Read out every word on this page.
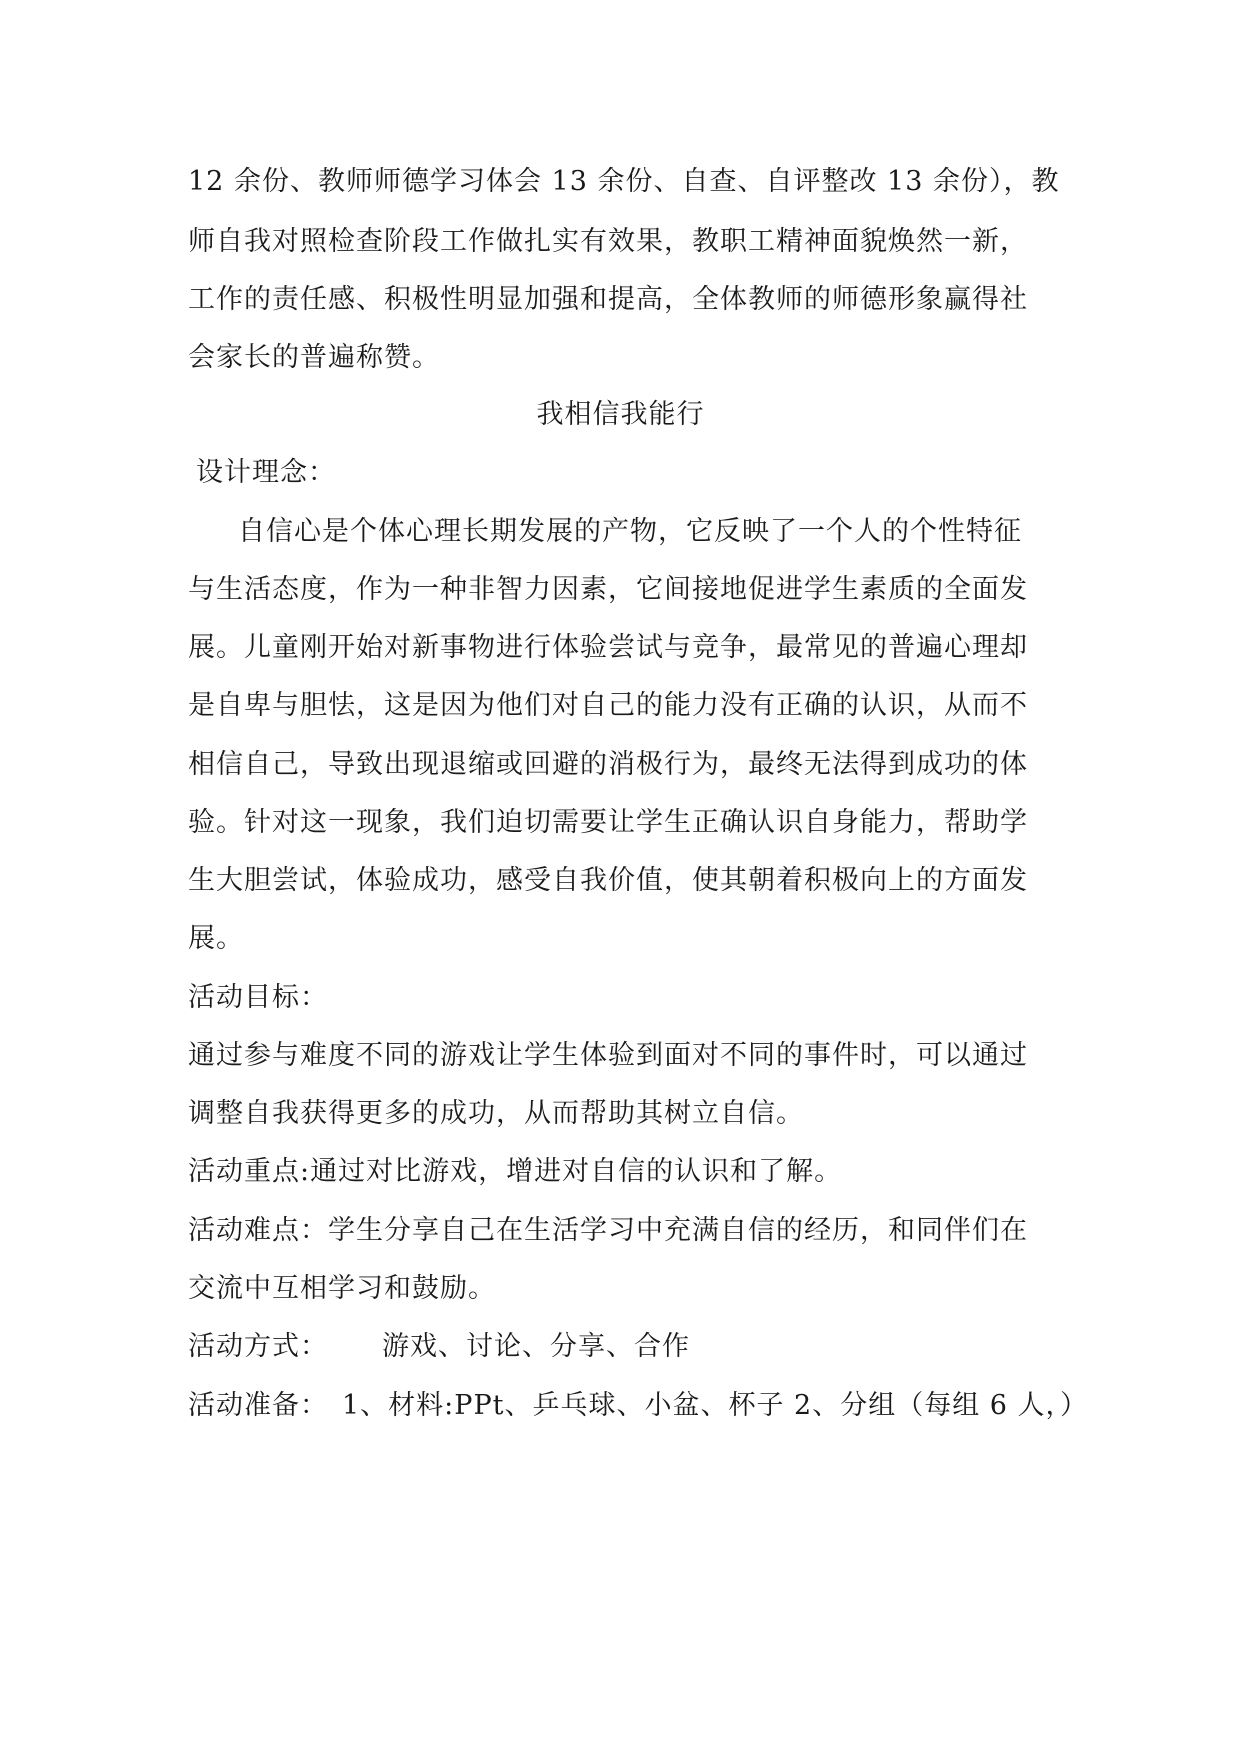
12 余份、教师师德学习体会 13 余份、自查、自评整改 13 余份），教
师自我对照检查阶段工作做扎实有效果，教职工精神面貌焕然一新，
工作的责任感、积极性明显加强和提高，全体教师的师德形象赢得社
会家长的普遍称赞。
我相信我能行
设计理念：
自信心是个体心理长期发展的产物，它反映了一个人的个性特征
与生活态度，作为一种非智力因素，它间接地促进学生素质的全面发
展。儿童刚开始对新事物进行体验尝试与竞争，最常见的普遍心理却
是自卑与胆怯，这是因为他们对自己的能力没有正确的认识，从而不
相信自己，导致出现退缩或回避的消极行为，最终无法得到成功的体
验。针对这一现象，我们迫切需要让学生正确认识自身能力，帮助学
生大胆尝试，体验成功，感受自我价值，使其朝着积极向上的方面发
展。
活动目标：
通过参与难度不同的游戏让学生体验到面对不同的事件时，可以通过
调整自我获得更多的成功，从而帮助其树立自信。
活动重点:通过对比游戏，增进对自信的认识和了解。
活动难点：学生分享自己在生活学习中充满自信的经历，和同伴们在
交流中互相学习和鼓励。
活动方式： 游戏、讨论、分享、合作
活动准备： 1、材料:PPt、乒乓球、小盆、杯子 2、分组（每组 6 人，）
